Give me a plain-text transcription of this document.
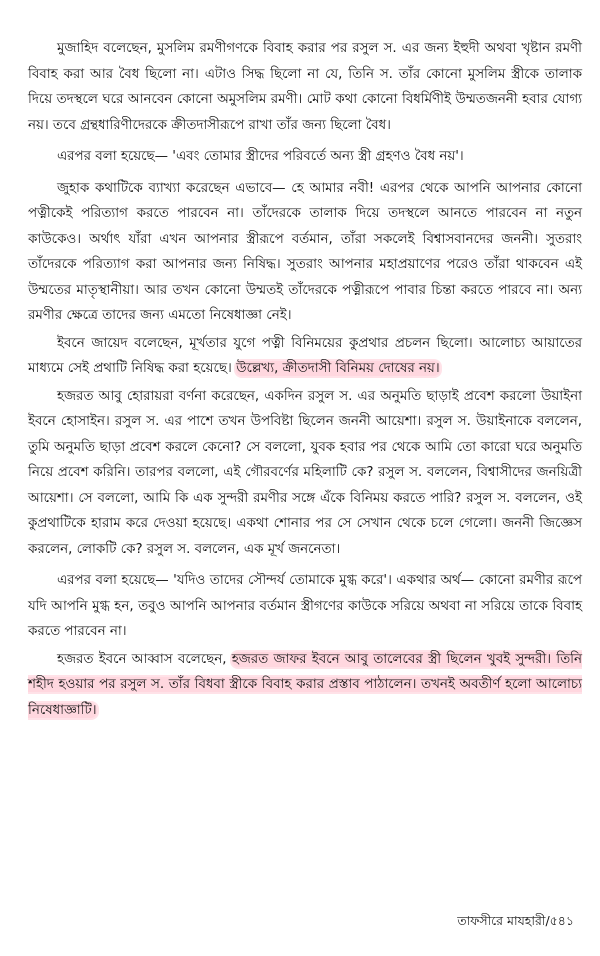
মুজাহিদ বলেছেন, মুসলিম রমণীগণকে বিবাহ করার পর রসুল স. এর জন্য ইহুদী অথবা খৃষ্টান রমণী বিবাহ করা আর বৈধ ছিলো না। এটাও সিদ্ধ ছিলো না যে, তিনি স. তাঁর কোনো মুসলিম স্ত্রীকে তালাক দিয়ে তদস্থলে ঘরে আনবেন কোনো অমুসলিম রমণী। মোট কথা কোনো বিধর্মিণীই উম্মতজননী হবার যোগ্য নয়। তবে গ্রন্থধারিণীদেরকে ক্রীতদাসীরূপে রাখা তাঁর জন্য ছিলো বৈধ।

এরপর বলা হয়েছে— 'এবং তোমার স্ত্রীদের পরিবর্তে অন্য স্ত্রী গ্রহণও বৈধ নয়'।

জুহাক কথাটিকে ব্যাখ্যা করেছেন এভাবে— হে আমার নবী! এরপর থেকে আপনি আপনার কোনো পত্নীকেই পরিত্যাগ করতে পারবেন না। তাঁদেরকে তালাক দিয়ে তদস্থলে আনতে পারবেন না নতুন কাউকেও। অর্থাৎ যাঁরা এখন আপনার স্ত্রীরূপে বর্তমান, তাঁরা সকলেই বিশ্বাসবানদের জননী। সুতরাং তাঁদেরকে পরিত্যাগ করা আপনার জন্য নিষিদ্ধ। সুতরাং আপনার মহাপ্রয়াণের পরেও তাঁরা থাকবেন এই উম্মতের মাতৃস্থানীয়া। আর তখন কোনো উম্মতই তাঁদেরকে পত্নীরূপে পাবার চিন্তা করতে পারবে না। অন্য রমণীর ক্ষেত্রে তাদের জন্য এমতো নিষেধাজ্ঞা নেই।

ইবনে জায়েদ বলেছেন, মূর্খতার যুগে পত্নী বিনিময়ের কুপ্রথার প্রচলন ছিলো। আলোচ্য আয়াতের মাধ্যমে সেই প্রথাটি নিষিদ্ধ করা হয়েছে। উল্লেখ্য, ক্রীতদাসী বিনিময় দোষের নয়।

হজরত আবু হোরায়রা বর্ণনা করেছেন, একদিন রসুল স. এর অনুমতি ছাড়াই প্রবেশ করলো উয়াইনা ইবনে হোসাইন। রসুল স. এর পাশে তখন উপবিষ্টা ছিলেন জননী আয়েশা। রসুল স. উয়াইনাকে বললেন, তুমি অনুমতি ছাড়া প্রবেশ করলে কেনো? সে বললো, যুবক হবার পর থেকে আমি তো কারো ঘরে অনুমতি নিয়ে প্রবেশ করিনি। তারপর বললো, এই গৌরবর্ণের মহিলাটি কে? রসুল স. বললেন, বিশ্বাসীদের জনয়িত্রী আয়েশা। সে বললো, আমি কি এক সুন্দরী রমণীর সঙ্গে এঁকে বিনিময় করতে পারি? রসুল স. বললেন, ওই কুপ্রথাটিকে হারাম করে দেওয়া হয়েছে। একথা শোনার পর সে সেখান থেকে চলে গেলো। জননী জিজ্ঞেস করলেন, লোকটি কে? রসুল স. বললেন, এক মূর্খ জননেতা।

এরপর বলা হয়েছে— 'যদিও তাদের সৌন্দর্য তোমাকে মুগ্ধ করে'। একথার অর্থ— কোনো রমণীর রূপে যদি আপনি মুগ্ধ হন, তবুও আপনি আপনার বর্তমান স্ত্রীগণের কাউকে সরিয়ে অথবা না সরিয়ে তাকে বিবাহ করতে পারবেন না।

হজরত ইবনে আব্বাস বলেছেন, হজরত জাফর ইবনে আবু তালেবের স্ত্রী ছিলেন খুবই সুন্দরী। তিনি শহীদ হওয়ার পর রসুল স. তাঁর বিধবা স্ত্রীকে বিবাহ করার প্রস্তাব পাঠালেন। তখনই অবতীর্ণ হলো আলোচ্য নিষেধাজ্ঞাটি।

তাফসীরে মাযহারী/৫৪১
